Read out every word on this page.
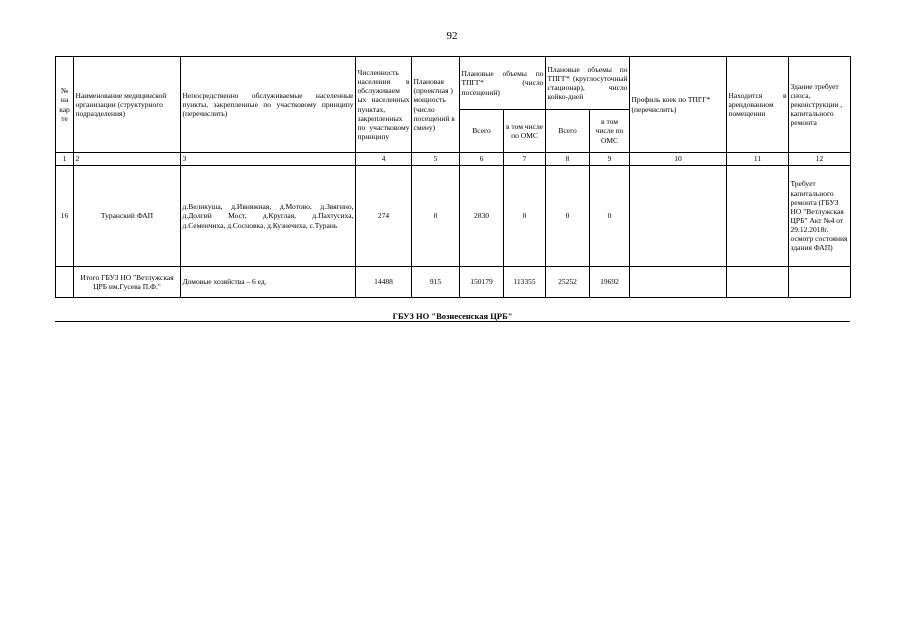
92
№ на кар те	Наименование медицинской организации (структурного подразделения)	Непосредственно обслуживаемые населенные пункты, закрепленные по участковому принципу (перечислить)	Численность населения в обслуживаем ых населенных пунктах, закрепленных по участковому принципу	Плановая (проектная ) мощность (число посещений в смену)	Плановые объемы по ТПГГ* (число посещений)		Плановые объемы по ТПГГ* (круглосуточный стационар), число койко-дней		Профиль коек по ТПГГ* (перечислить)	Находится в арендованном помещении	Здание требует сноса, реконструкции , капитального ремонта
					Всего	в том числе по ОМС	Всего	в том числе по ОМС			
1	2	3	4	5	6	7	8	9	10	11	12
16	Туранский ФАП	д.Великуша, д.Ивняжная, д.Мотово, д.Звягино, д.Долгий Мост, д.Круглая, д.Пахтусиха, д.Семенчиха, д.Сосновка, д.Кузнечиха, с.Турань	274	0	2830	0	0	0			Требует капитального ремонта (ГБУЗ НО "Ветлужская ЦРБ" Акт №4 от 29.12.2018г. осмотр состояния здания ФАП)
	Итого ГБУЗ НО "Ветлужская ЦРБ им.Гусева П.Ф."	Домовые хозяйства – 6 ед.	14488	915	150179	113355	25252	19692			
ГБУЗ НО "Вознесенская ЦРБ"
